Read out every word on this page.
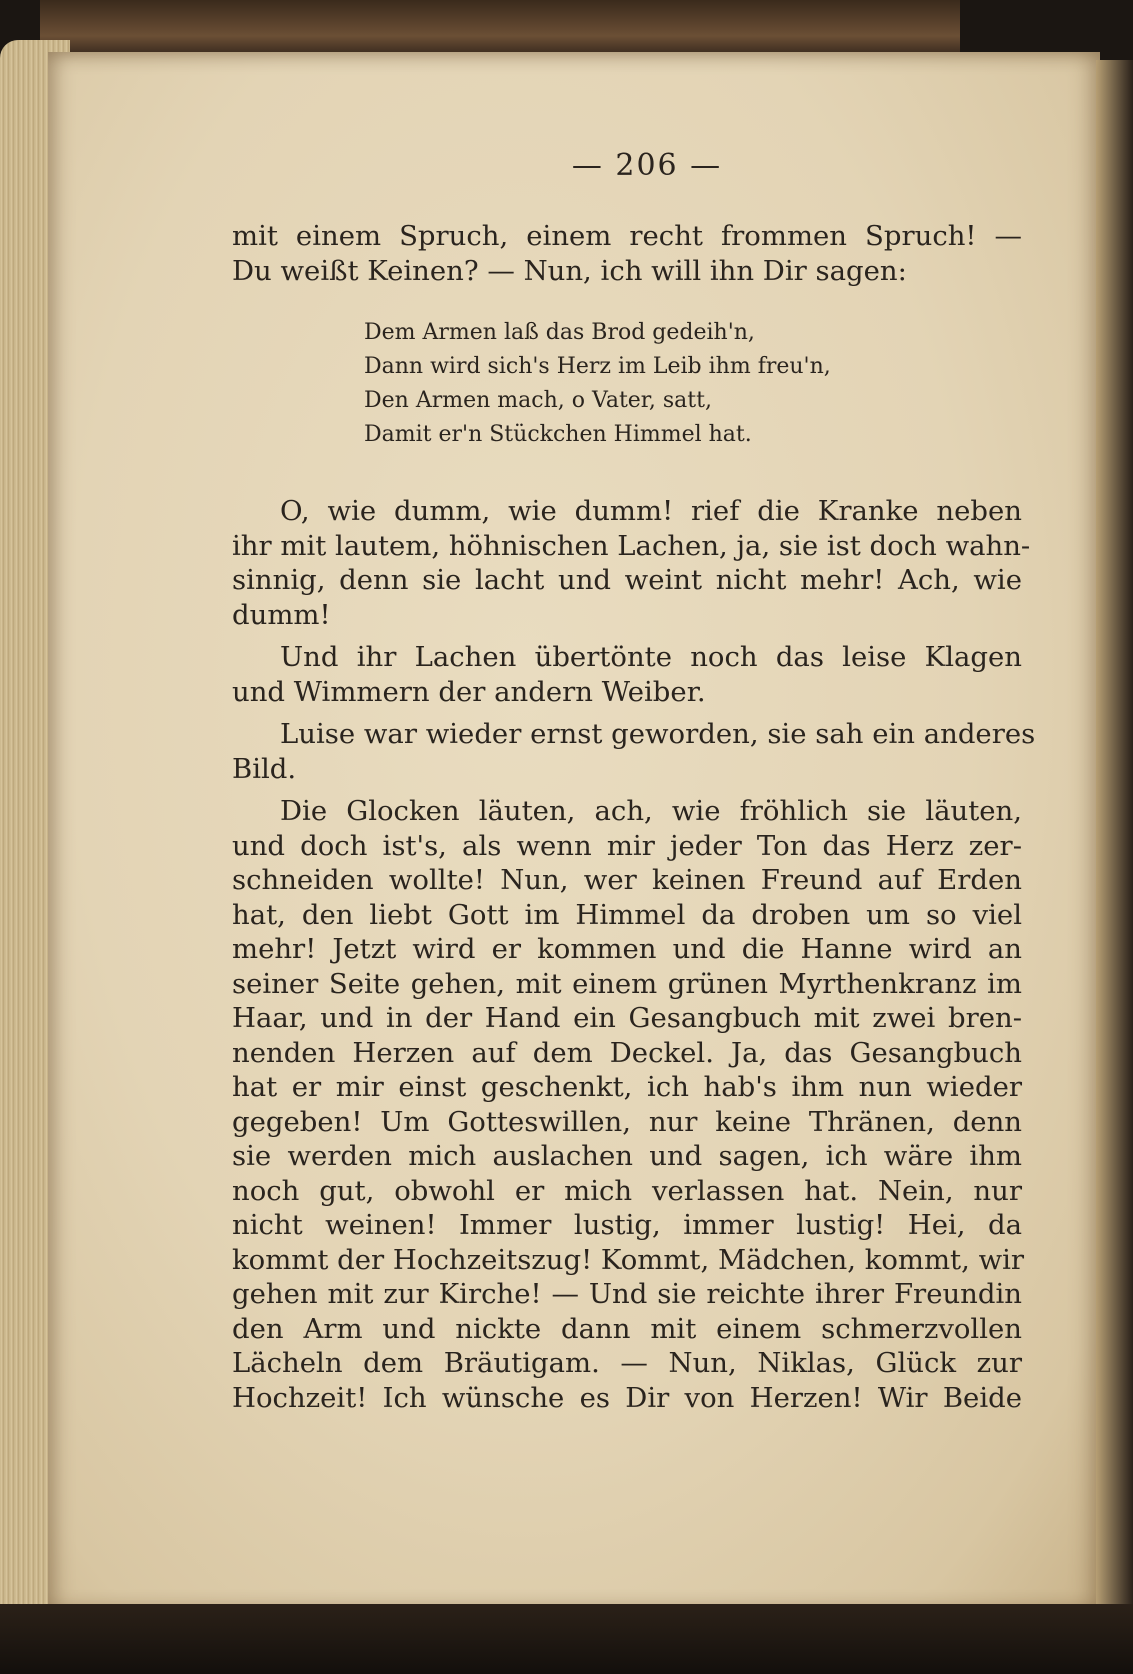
— 206 —
mit einem Spruch, einem recht frommen Spruch! —
Du weißt Keinen? — Nun, ich will ihn Dir sagen:
Dem Armen laß das Brod gedeih'n,
Dann wird sich's Herz im Leib ihm freu'n,
Den Armen mach, o Vater, satt,
Damit er'n Stückchen Himmel hat.
O, wie dumm, wie dumm! rief die Kranke neben
ihr mit lautem, höhnischen Lachen, ja, sie ist doch wahn-
sinnig, denn sie lacht und weint nicht mehr! Ach, wie
dumm!
Und ihr Lachen übertönte noch das leise Klagen
und Wimmern der andern Weiber.
Luise war wieder ernst geworden, sie sah ein anderes
Bild.
Die Glocken läuten, ach, wie fröhlich sie läuten,
und doch ist's, als wenn mir jeder Ton das Herz zer-
schneiden wollte! Nun, wer keinen Freund auf Erden
hat, den liebt Gott im Himmel da droben um so viel
mehr! Jetzt wird er kommen und die Hanne wird an
seiner Seite gehen, mit einem grünen Myrthenkranz im
Haar, und in der Hand ein Gesangbuch mit zwei bren-
nenden Herzen auf dem Deckel. Ja, das Gesangbuch
hat er mir einst geschenkt, ich hab's ihm nun wieder
gegeben! Um Gotteswillen, nur keine Thränen, denn
sie werden mich auslachen und sagen, ich wäre ihm
noch gut, obwohl er mich verlassen hat. Nein, nur
nicht weinen! Immer lustig, immer lustig! Hei, da
kommt der Hochzeitszug! Kommt, Mädchen, kommt, wir
gehen mit zur Kirche! — Und sie reichte ihrer Freundin
den Arm und nickte dann mit einem schmerzvollen
Lächeln dem Bräutigam. — Nun, Niklas, Glück zur
Hochzeit! Ich wünsche es Dir von Herzen! Wir Beide
